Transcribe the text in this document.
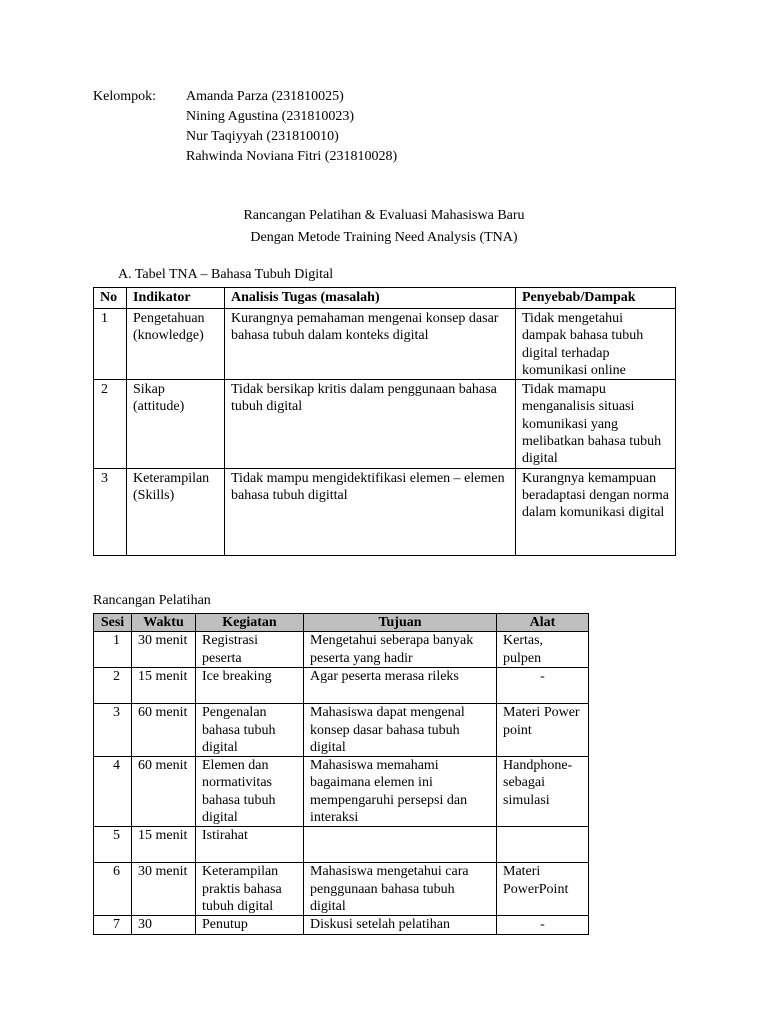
Kelompok: Amanda Parza (231810025)
Nining Agustina (231810023)
Nur Taqiyyah (231810010)
Rahwinda Noviana Fitri (231810028)
Rancangan Pelatihan & Evaluasi Mahasiswa Baru
Dengan Metode Training Need Analysis (TNA)
A. Tabel TNA – Bahasa Tubuh Digital
No	Indikator	Analisis Tugas (masalah)	Penyebab/Dampak
1	Pengetahuan (knowledge)	Kurangnya pemahaman mengenai konsep dasar bahasa tubuh dalam konteks digital	Tidak mengetahui dampak bahasa tubuh digital terhadap komunikasi online
2	Sikap (attitude)	Tidak bersikap kritis dalam penggunaan bahasa tubuh digital	Tidak mamapu menganalisis situasi komunikasi yang melibatkan bahasa tubuh digital
3	Keterampilan (Skills)	Tidak mampu mengidektifikasi elemen – elemen bahasa tubuh digittal	Kurangnya kemampuan beradaptasi dengan norma dalam komunikasi digital
Rancangan Pelatihan
Sesi	Waktu	Kegiatan	Tujuan	Alat
1	30 menit	Registrasi peserta	Mengetahui seberapa banyak peserta yang hadir	Kertas, pulpen
2	15 menit	Ice breaking	Agar peserta merasa rileks	-
3	60 menit	Pengenalan bahasa tubuh digital	Mahasiswa dapat mengenal konsep dasar bahasa tubuh digital	Materi Power point
4	60 menit	Elemen dan normativitas bahasa tubuh digital	Mahasiswa memahami bagaimana elemen ini mempengaruhi persepsi dan interaksi	Handphone-sebagai simulasi
5	15 menit	Istirahat		
6	30 menit	Keterampilan praktis bahasa tubuh digital	Mahasiswa mengetahui cara penggunaan bahasa tubuh digital	Materi PowerPoint
7	30	Penutup	Diskusi setelah pelatihan	-
